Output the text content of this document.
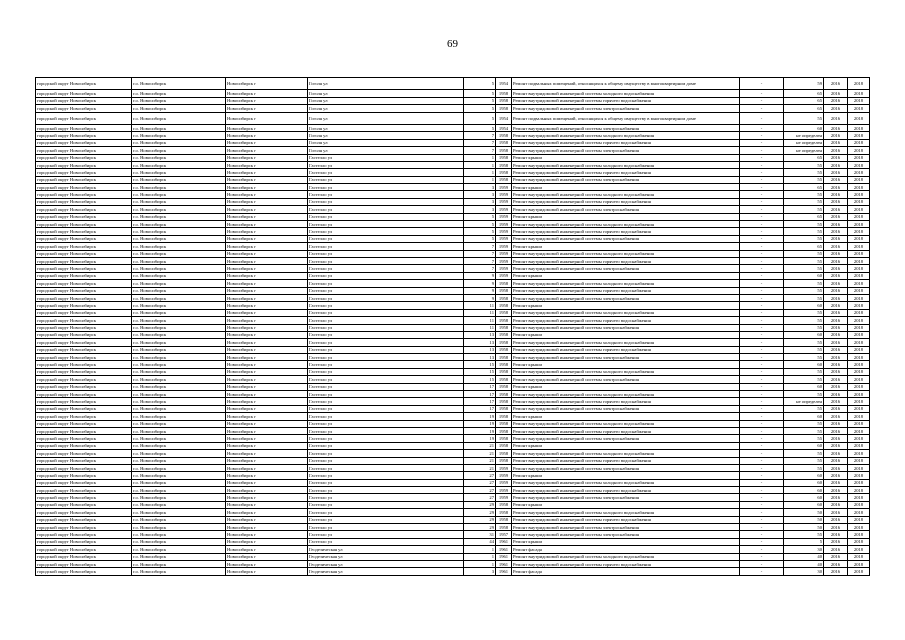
69
городской округ Новосибирск	г.о. Новосибирск	Новосибирск г	Гоголя ул	5	1954	Ремонт подвальных помещений, относящихся к общему имуществу в многоквартирном доме	-	59	2016	2018
городской округ Новосибирск	г.о. Новосибирск	Новосибирск г	Гоголя ул	5	1958	Ремонт внутридомовой инженерной системы холодного водоснабжения	-	65	2016	2018
городской округ Новосибирск	г.о. Новосибирск	Новосибирск г	Гоголя ул	5	1958	Ремонт внутридомовой инженерной системы горячего водоснабжения	-	65	2016	2018
городской округ Новосибирск	г.о. Новосибирск	Новосибирск г	Гоголя ул	5	1958	Ремонт внутридомовой инженерной системы электроснабжения	-	65	2016	2018
городской округ Новосибирск	г.о. Новосибирск	Новосибирск г	Гоголя ул	5	1954	Ремонт подвальных помещений, относящихся к общему имуществу в многоквартирном доме	-	55	2016	2018
городской округ Новосибирск	г.о. Новосибирск	Новосибирск г	Гоголя ул	5	1954	Ремонт внутридомовой инженерной системы электроснабжения	-	60	2016	2018
городской округ Новосибирск	г.о. Новосибирск	Новосибирск г	Гоголя ул	7	1958	Ремонт внутридомовой инженерной системы холодного водоснабжения	-	не определен	2016	2018
городской округ Новосибирск	г.о. Новосибирск	Новосибирск г	Гоголя ул	7	1958	Ремонт внутридомовой инженерной системы горячего водоснабжения	-	не определен	2016	2018
городской округ Новосибирск	г.о. Новосибирск	Новосибирск г	Гоголя ул	7	1958	Ремонт внутридомовой инженерной системы электроснабжения	-	не определен	2016	2018
городской округ Новосибирск	г.о. Новосибирск	Новосибирск г	Гастелло ул	1	1958	Ремонт крыши	-	65	2016	2018
городской округ Новосибирск	г.о. Новосибирск	Новосибирск г	Гастелло ул	1	1958	Ремонт внутридомовой инженерной системы холодного водоснабжения	-	55	2016	2018
городской округ Новосибирск	г.о. Новосибирск	Новосибирск г	Гастелло ул	1	1958	Ремонт внутридомовой инженерной системы горячего водоснабжения	-	55	2016	2018
городской округ Новосибирск	г.о. Новосибирск	Новосибирск г	Гастелло ул	1	1958	Ремонт внутридомовой инженерной системы электроснабжения	-	55	2016	2018
городской округ Новосибирск	г.о. Новосибирск	Новосибирск г	Гастелло ул	3	1959	Ремонт крыши	-	65	2016	2018
городской округ Новосибирск	г.о. Новосибирск	Новосибирск г	Гастелло ул	3	1959	Ремонт внутридомовой инженерной системы холодного водоснабжения	-	55	2016	2018
городской округ Новосибирск	г.о. Новосибирск	Новосибирск г	Гастелло ул	3	1959	Ремонт внутридомовой инженерной системы горячего водоснабжения	-	55	2016	2018
городской округ Новосибирск	г.о. Новосибирск	Новосибирск г	Гастелло ул	3	1959	Ремонт внутридомовой инженерной системы электроснабжения	-	55	2016	2018
городской округ Новосибирск	г.о. Новосибирск	Новосибирск г	Гастелло ул	5	1959	Ремонт крыши	-	65	2016	2018
городской округ Новосибирск	г.о. Новосибирск	Новосибирск г	Гастелло ул	5	1959	Ремонт внутридомовой инженерной системы холодного водоснабжения	-	55	2016	2018
городской округ Новосибирск	г.о. Новосибирск	Новосибирск г	Гастелло ул	5	1959	Ремонт внутридомовой инженерной системы горячего водоснабжения	-	55	2016	2018
городской округ Новосибирск	г.о. Новосибирск	Новосибирск г	Гастелло ул	5	1959	Ремонт внутридомовой инженерной системы электроснабжения	-	55	2016	2018
городской округ Новосибирск	г.о. Новосибирск	Новосибирск г	Гастелло ул	7	1959	Ремонт крыши	-	65	2016	2018
городской округ Новосибирск	г.о. Новосибирск	Новосибирск г	Гастелло ул	7	1959	Ремонт внутридомовой инженерной системы холодного водоснабжения	-	55	2016	2018
городской округ Новосибирск	г.о. Новосибирск	Новосибирск г	Гастелло ул	7	1959	Ремонт внутридомовой инженерной системы горячего водоснабжения	-	55	2016	2018
городской округ Новосибирск	г.о. Новосибирск	Новосибирск г	Гастелло ул	7	1959	Ремонт внутридомовой инженерной системы электроснабжения	-	55	2016	2018
городской округ Новосибирск	г.о. Новосибирск	Новосибирск г	Гастелло ул	9	1959	Ремонт крыши	-	60	2016	2018
городской округ Новосибирск	г.о. Новосибирск	Новосибирск г	Гастелло ул	9	1958	Ремонт внутридомовой инженерной системы холодного водоснабжения	-	55	2016	2018
городской округ Новосибирск	г.о. Новосибирск	Новосибирск г	Гастелло ул	9	1958	Ремонт внутридомовой инженерной системы горячего водоснабжения	-	55	2016	2018
городской округ Новосибирск	г.о. Новосибирск	Новосибирск г	Гастелло ул	9	1958	Ремонт внутридомовой инженерной системы электроснабжения	-	55	2016	2018
городской округ Новосибирск	г.о. Новосибирск	Новосибирск г	Гастелло ул	11	1958	Ремонт крыши	-	60	2016	2018
городской округ Новосибирск	г.о. Новосибирск	Новосибирск г	Гастелло ул	11	1958	Ремонт внутридомовой инженерной системы холодного водоснабжения	-	55	2016	2018
городской округ Новосибирск	г.о. Новосибирск	Новосибирск г	Гастелло ул	11	1958	Ремонт внутридомовой инженерной системы горячего водоснабжения	-	55	2016	2018
городской округ Новосибирск	г.о. Новосибирск	Новосибирск г	Гастелло ул	11	1958	Ремонт внутридомовой инженерной системы электроснабжения	-	55	2016	2018
городской округ Новосибирск	г.о. Новосибирск	Новосибирск г	Гастелло ул	13	1958	Ремонт крыши	-	60	2016	2018
городской округ Новосибирск	г.о. Новосибирск	Новосибирск г	Гастелло ул	13	1958	Ремонт внутридомовой инженерной системы холодного водоснабжения	-	55	2016	2018
городской округ Новосибирск	г.о. Новосибирск	Новосибирск г	Гастелло ул	13	1958	Ремонт внутридомовой инженерной системы горячего водоснабжения	-	55	2016	2018
городской округ Новосибирск	г.о. Новосибирск	Новосибирск г	Гастелло ул	13	1958	Ремонт внутридомовой инженерной системы электроснабжения	-	55	2016	2018
городской округ Новосибирск	г.о. Новосибирск	Новосибирск г	Гастелло ул	15	1958	Ремонт крыши	-	60	2016	2018
городской округ Новосибирск	г.о. Новосибирск	Новосибирск г	Гастелло ул	15	1958	Ремонт внутридомовой инженерной системы холодного водоснабжения	-	55	2016	2018
городской округ Новосибирск	г.о. Новосибирск	Новосибирск г	Гастелло ул	15	1958	Ремонт внутридомовой инженерной системы электроснабжения	-	55	2016	2018
городской округ Новосибирск	г.о. Новосибирск	Новосибирск г	Гастелло ул	17	1958	Ремонт крыши	-	60	2016	2018
городской округ Новосибирск	г.о. Новосибирск	Новосибирск г	Гастелло ул	17	1958	Ремонт внутридомовой инженерной системы холодного водоснабжения	-	55	2016	2018
городской округ Новосибирск	г.о. Новосибирск	Новосибирск г	Гастелло ул	17	1958	Ремонт внутридомовой инженерной системы горячего водоснабжения	-	не определен	2016	2018
городской округ Новосибирск	г.о. Новосибирск	Новосибирск г	Гастелло ул	17	1958	Ремонт внутридомовой инженерной системы электроснабжения	-	55	2016	2018
городской округ Новосибирск	г.о. Новосибирск	Новосибирск г	Гастелло ул	19	1958	Ремонт крыши	-	60	2016	2018
городской округ Новосибирск	г.о. Новосибирск	Новосибирск г	Гастелло ул	19	1958	Ремонт внутридомовой инженерной системы холодного водоснабжения	-	55	2016	2018
городской округ Новосибирск	г.о. Новосибирск	Новосибирск г	Гастелло ул	19	1958	Ремонт внутридомовой инженерной системы горячего водоснабжения	-	55	2016	2018
городской округ Новосибирск	г.о. Новосибирск	Новосибирск г	Гастелло ул	19	1958	Ремонт внутридомовой инженерной системы электроснабжения	-	55	2016	2018
городской округ Новосибирск	г.о. Новосибирск	Новосибирск г	Гастелло ул	21	1958	Ремонт крыши	-	60	2016	2018
городской округ Новосибирск	г.о. Новосибирск	Новосибирск г	Гастелло ул	21	1958	Ремонт внутридомовой инженерной системы холодного водоснабжения	-	55	2016	2018
городской округ Новосибирск	г.о. Новосибирск	Новосибирск г	Гастелло ул	21	1958	Ремонт внутридомовой инженерной системы горячего водоснабжения	-	55	2016	2018
городской округ Новосибирск	г.о. Новосибирск	Новосибирск г	Гастелло ул	21	1959	Ремонт внутридомовой инженерной системы электроснабжения	-	55	2016	2018
городской округ Новосибирск	г.о. Новосибирск	Новосибирск г	Гастелло ул	27	1959	Ремонт крыши	-	60	2016	2018
городской округ Новосибирск	г.о. Новосибирск	Новосибирск г	Гастелло ул	27	1959	Ремонт внутридомовой инженерной системы холодного водоснабжения	-	60	2016	2018
городской округ Новосибирск	г.о. Новосибирск	Новосибирск г	Гастелло ул	27	1959	Ремонт внутридомовой инженерной системы горячего водоснабжения	-	60	2016	2018
городской округ Новосибирск	г.о. Новосибирск	Новосибирск г	Гастелло ул	27	1959	Ремонт внутридомовой инженерной системы электроснабжения	-	60	2016	2018
городской округ Новосибирск	г.о. Новосибирск	Новосибирск г	Гастелло ул	29	1958	Ремонт крыши	-	60	2016	2018
городской округ Новосибирск	г.о. Новосибирск	Новосибирск г	Гастелло ул	29	1958	Ремонт внутридомовой инженерной системы холодного водоснабжения	-	50	2016	2018
городской округ Новосибирск	г.о. Новосибирск	Новосибирск г	Гастелло ул	29	1958	Ремонт внутридомовой инженерной системы горячего водоснабжения	-	50	2016	2018
городской округ Новосибирск	г.о. Новосибирск	Новосибирск г	Гастелло ул	29	1958	Ремонт внутридомовой инженерной системы электроснабжения	-	50	2016	2018
городской округ Новосибирск	г.о. Новосибирск	Новосибирск г	Гастелло ул	31	1957	Ремонт внутридомовой инженерной системы электроснабжения	-	55	2016	2018
городской округ Новосибирск	г.о. Новосибирск	Новосибирск г	Гастелло ул	44	1961	Ремонт крыши	-	5	2016	2018
городской округ Новосибирск	г.о. Новосибирск	Новосибирск г	Геодезическая ул	1	1961	Ремонт фасада	-	30	2016	2018
городской округ Новосибирск	г.о. Новосибирск	Новосибирск г	Геодезическая ул	1	1961	Ремонт внутридомовой инженерной системы холодного водоснабжения	-	40	2016	2018
городской округ Новосибирск	г.о. Новосибирск	Новосибирск г	Геодезическая ул	1	1961	Ремонт внутридомовой инженерной системы горячего водоснабжения	-	40	2016	2018
городской округ Новосибирск	г.о. Новосибирск	Новосибирск г	Геодезическая ул	3	1961	Ремонт фасада	-	30	2016	2018
